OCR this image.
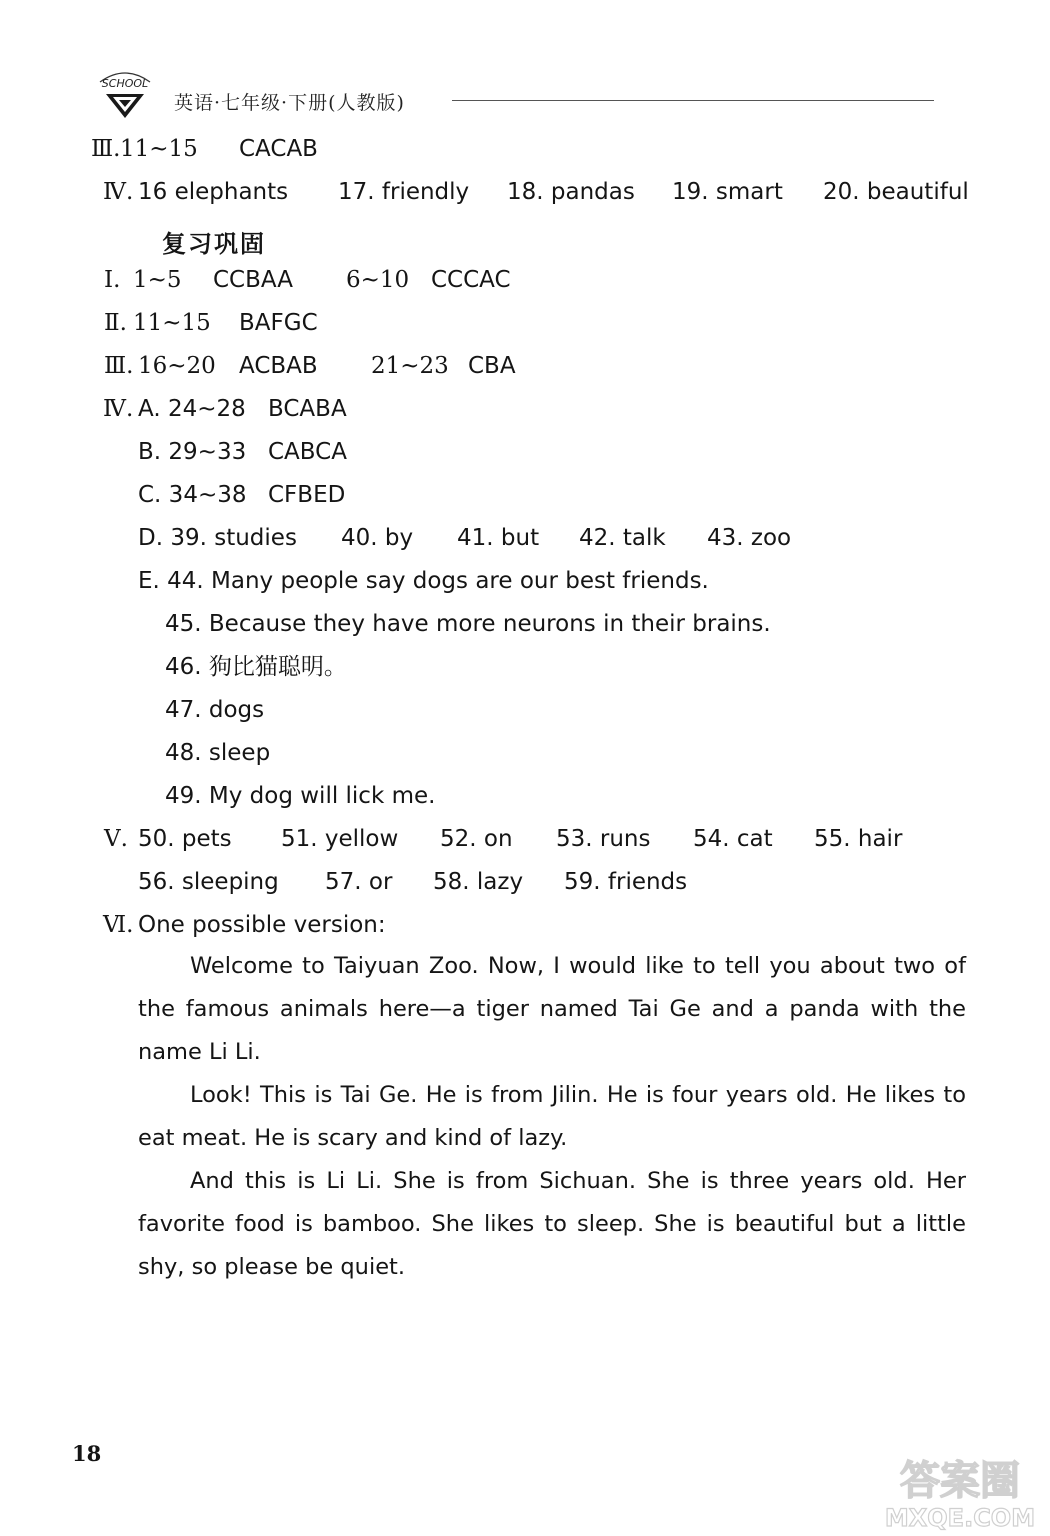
SCHOOL
英语·七年级·下册(人教版)
Ⅲ. 11~15 CACAB
Ⅳ. 16 elephants 17. friendly 18. pandas 19. smart 20. beautiful
复习巩固
Ⅰ. 1~5 CCBAA 6~10 CCCAC
Ⅱ. 11~15 BAFGC
Ⅲ. 16~20 ACBAB 21~23 CBA
Ⅳ. A. 24~28 BCABA
B. 29~33 CABCA
C. 34~38 CFBED
D. 39. studies 40. by 41. but 42. talk 43. zoo
E. 44. Many people say dogs are our best friends.
45. Because they have more neurons in their brains.
46. 狗比猫聪明。
47. dogs
48. sleep
49. My dog will lick me.
Ⅴ. 50. pets 51. yellow 52. on 53. runs 54. cat 55. hair
56. sleeping 57. or 58. lazy 59. friends
Ⅵ. One possible version:
Welcome to Taiyuan Zoo. Now, I would like to tell you about two of the famous animals here—a tiger named Tai Ge and a panda with the name Li Li.
Look! This is Tai Ge. He is from Jilin. He is four years old. He likes to eat meat. He is scary and kind of lazy.
And this is Li Li. She is from Sichuan. She is three years old. Her favorite food is bamboo. She likes to sleep. She is beautiful but a little shy, so please be quiet.
18
答案圈
MXQE.COM
